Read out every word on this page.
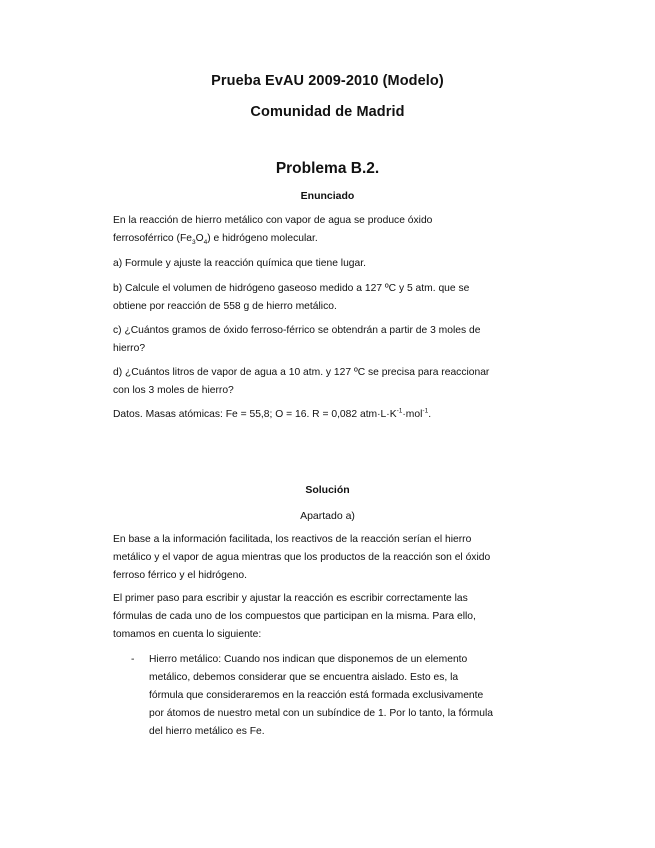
Prueba EvAU 2009-2010 (Modelo)
Comunidad de Madrid
Problema B.2.
Enunciado
En la reacción de hierro metálico con vapor de agua se produce óxido
ferrosoférrico $(Fe_3O_4)$ e hidrógeno molecular.
a) Formule y ajuste la reacción química que tiene lugar.
b) Calcule el volumen de hidrógeno gaseoso medido a 127 ºC y 5 atm. que se
obtiene por reacción de 558 g de hierro metálico.
c) ¿Cuántos gramos de óxido ferroso-férrico se obtendrán a partir de 3 moles de
hierro?
d) ¿Cuántos litros de vapor de agua a 10 atm. y 127 ºC se precisa para reaccionar
con los 3 moles de hierro?
Datos. Masas atómicas: Fe = 55,8; O = 16. R = 0,082 $atm\cdot L\cdot K^{-1}\cdot mol^{-1}$.
Solución
Apartado a)
En base a la información facilitada, los reactivos de la reacción serían el hierro
metálico y el vapor de agua mientras que los productos de la reacción son el óxido
ferroso férrico y el hidrógeno.
El primer paso para escribir y ajustar la reacción es escribir correctamente las
fórmulas de cada uno de los compuestos que participan en la misma. Para ello,
tomamos en cuenta lo siguiente:
- Hierro metálico: Cuando nos indican que disponemos de un elemento
metálico, debemos considerar que se encuentra aislado. Esto es, la
fórmula que consideraremos en la reacción está formada exclusivamente
por átomos de nuestro metal con un subíndice de 1. Por lo tanto, la fórmula
del hierro metálico es Fe.
